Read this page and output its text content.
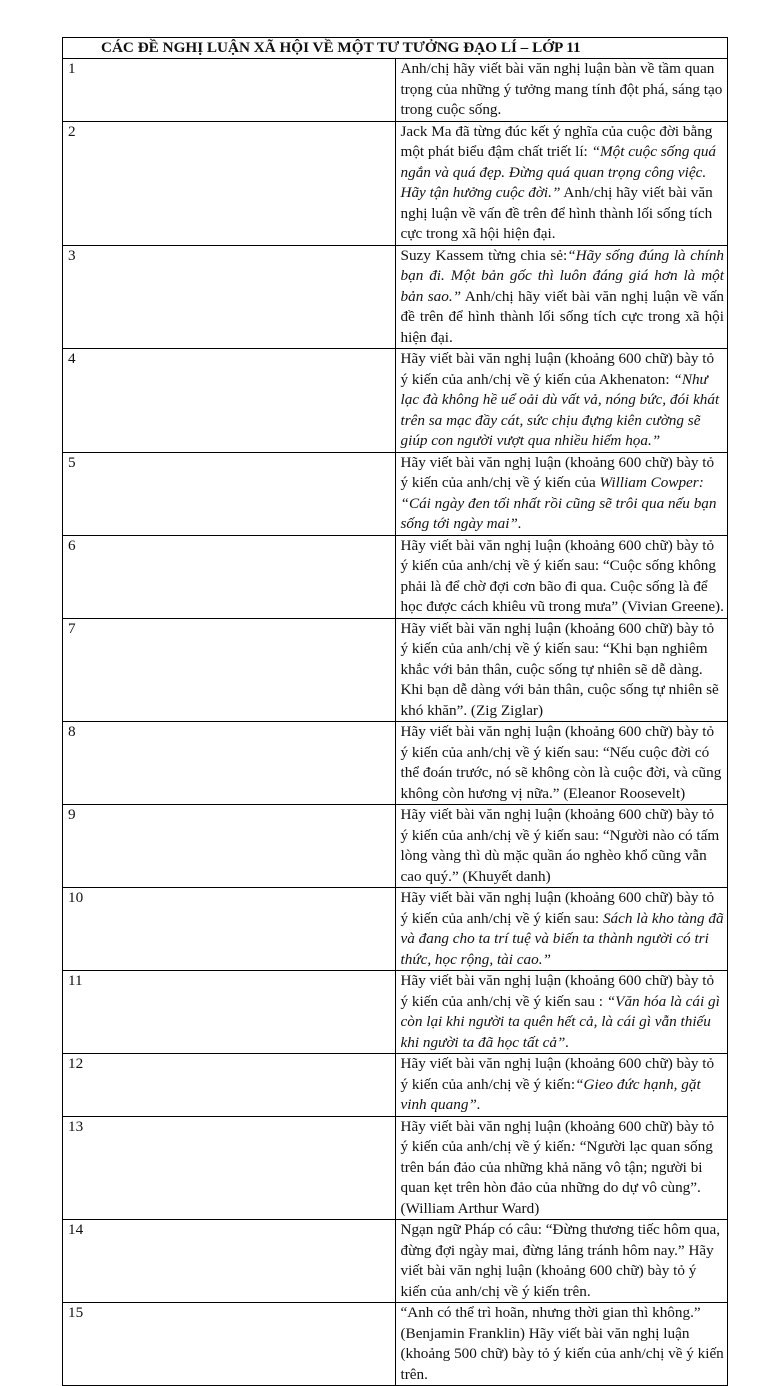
CÁC ĐỀ NGHỊ LUẬN XÃ HỘI VỀ MỘT TƯ TƯỞNG ĐẠO LÍ – LỚP 11	
1	Anh/chị hãy viết bài văn nghị luận bàn về tầm quan trọng của những ý tưởng mang tính đột phá, sáng tạo trong cuộc sống.
2	Jack Ma đã từng đúc kết ý nghĩa của cuộc đời bằng một phát biểu đậm chất triết lí: “Một cuộc sống quá ngắn và quá đẹp. Đừng quá quan trọng công việc. Hãy tận hưởng cuộc đời.” Anh/chị hãy viết bài văn nghị luận về vấn đề trên để hình thành lối sống tích cực trong xã hội hiện đại.
3	Suzy Kassem từng chia sẻ:“Hãy sống đúng là chính bạn đi. Một bản gốc thì luôn đáng giá hơn là một bản sao.” Anh/chị hãy viết bài văn nghị luận về vấn đề trên để hình thành lối sống tích cực trong xã hội hiện đại.
4	Hãy viết bài văn nghị luận (khoảng 600 chữ) bày tỏ ý kiến của anh/chị về ý kiến của Akhenaton: “Như lạc đà không hề uể oải dù vất vả, nóng bức, đói khát trên sa mạc đầy cát, sức chịu đựng kiên cường sẽ giúp con người vượt qua nhiều hiểm họa.”
5	Hãy viết bài văn nghị luận (khoảng 600 chữ) bày tỏ ý kiến của anh/chị về ý kiến của William Cowper: “Cái ngày đen tối nhất rồi cũng sẽ trôi qua nếu bạn sống tới ngày mai”.
6	Hãy viết bài văn nghị luận (khoảng 600 chữ) bày tỏ ý kiến của anh/chị về ý kiến sau: “Cuộc sống không phải là để chờ đợi cơn bão đi qua. Cuộc sống là để học được cách khiêu vũ trong mưa” (Vivian Greene).
7	Hãy viết bài văn nghị luận (khoảng 600 chữ) bày tỏ ý kiến của anh/chị về ý kiến sau: “Khi bạn nghiêm khắc với bản thân, cuộc sống tự nhiên sẽ dễ dàng. Khi bạn dễ dàng với bản thân, cuộc sống tự nhiên sẽ khó khăn”. (Zig Ziglar)
8	Hãy viết bài văn nghị luận (khoảng 600 chữ) bày tỏ ý kiến của anh/chị về ý kiến sau: “Nếu cuộc đời có thể đoán trước, nó sẽ không còn là cuộc đời, và cũng không còn hương vị nữa.” (Eleanor Roosevelt)
9	Hãy viết bài văn nghị luận (khoảng 600 chữ) bày tỏ ý kiến của anh/chị về ý kiến sau: “Người nào có tấm lòng vàng thì dù mặc quần áo nghèo khổ cũng vẫn cao quý.” (Khuyết danh)
10	Hãy viết bài văn nghị luận (khoảng 600 chữ) bày tỏ ý kiến của anh/chị về ý kiến sau: Sách là kho tàng đã và đang cho ta trí tuệ và biến ta thành người có tri thức, học rộng, tài cao.”
11	Hãy viết bài văn nghị luận (khoảng 600 chữ) bày tỏ ý kiến của anh/chị về ý kiến sau : “Văn hóa là cái gì còn lại khi người ta quên hết cả, là cái gì vẫn thiếu khi người ta đã học tất cả”.
12	Hãy viết bài văn nghị luận (khoảng 600 chữ) bày tỏ ý kiến của anh/chị về ý kiến:“Gieo đức hạnh, gặt vinh quang”.
13	Hãy viết bài văn nghị luận (khoảng 600 chữ) bày tỏ ý kiến của anh/chị về ý kiến: “Người lạc quan sống trên bán đảo của những khả năng vô tận; người bi quan kẹt trên hòn đảo của những do dự vô cùng”. (William Arthur Ward)
14	Ngạn ngữ Pháp có câu: “Đừng thương tiếc hôm qua, đừng đợi ngày mai, đừng lảng tránh hôm nay.” Hãy viết bài văn nghị luận (khoảng 600 chữ) bày tỏ ý kiến của anh/chị về ý kiến trên.
15	“Anh có thể trì hoãn, nhưng thời gian thì không.” (Benjamin Franklin) Hãy viết bài văn nghị luận (khoảng 500 chữ) bày tỏ ý kiến của anh/chị về ý kiến trên.
